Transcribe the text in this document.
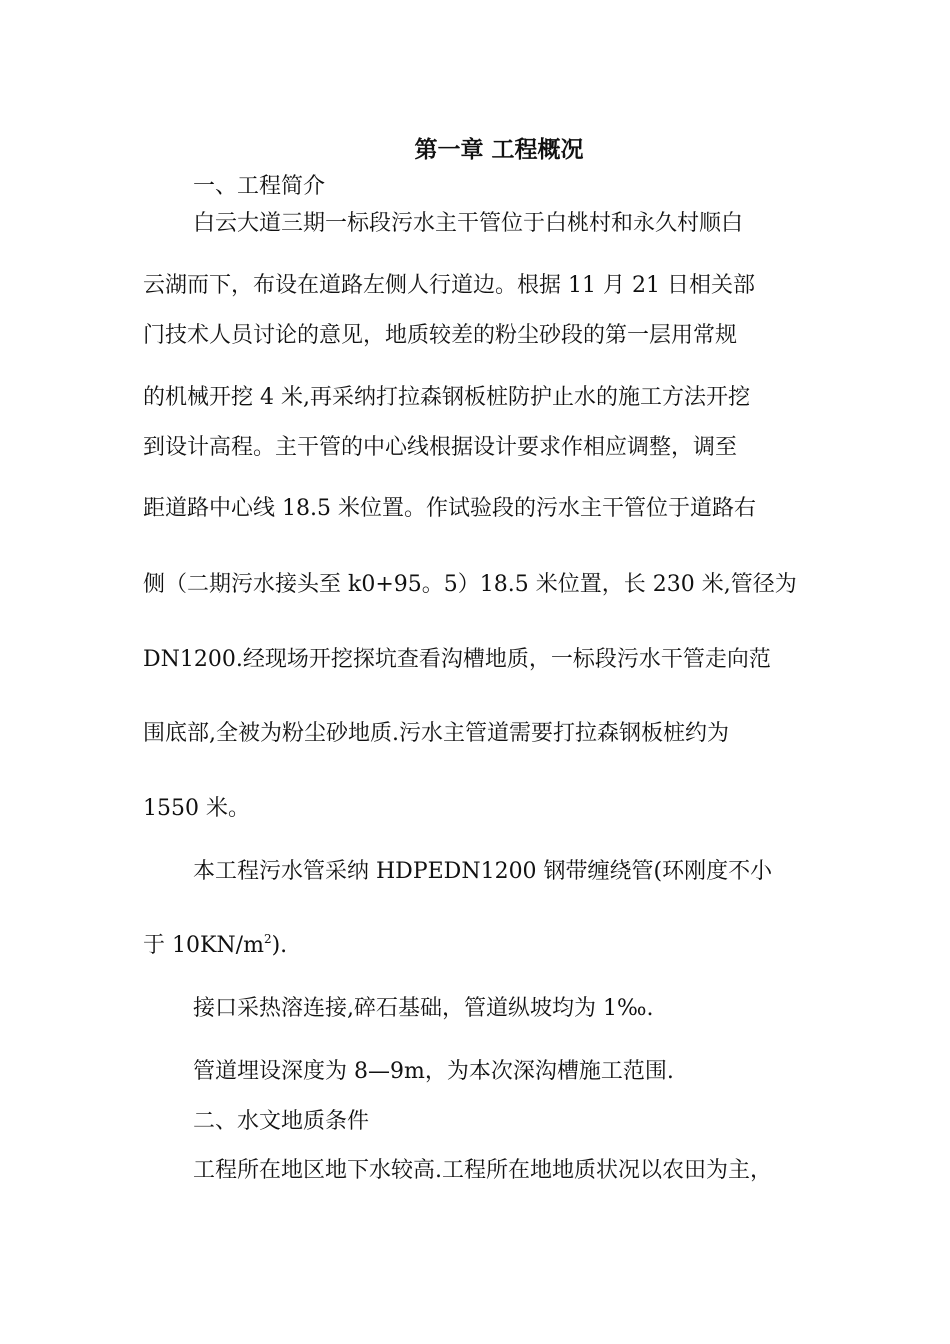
第一章 工程概况
一、工程简介
白云大道三期一标段污水主干管位于白桃村和永久村顺白
云湖而下，布设在道路左侧人行道边。根据 11 月 21 日相关部
门技术人员讨论的意见，地质较差的粉尘砂段的第一层用常规
的机械开挖 4 米,再采纳打拉森钢板桩防护止水的施工方法开挖
到设计高程。主干管的中心线根据设计要求作相应调整，调至
距道路中心线 18.5 米位置。作试验段的污水主干管位于道路右
侧（二期污水接头至 k0+95。5）18.5 米位置，长 230 米,管径为
DN1200.经现场开挖探坑查看沟槽地质，一标段污水干管走向范
围底部,全被为粉尘砂地质.污水主管道需要打拉森钢板桩约为
1550 米。
本工程污水管采纳 HDPEDN1200 钢带缠绕管(环刚度不小
于 $10KN/m^2$).
接口采热溶连接,碎石基础，管道纵坡均为 1‰.
管道埋设深度为 8—9m，为本次深沟槽施工范围.
二、水文地质条件
工程所在地区地下水较高.工程所在地地质状况以农田为主，
